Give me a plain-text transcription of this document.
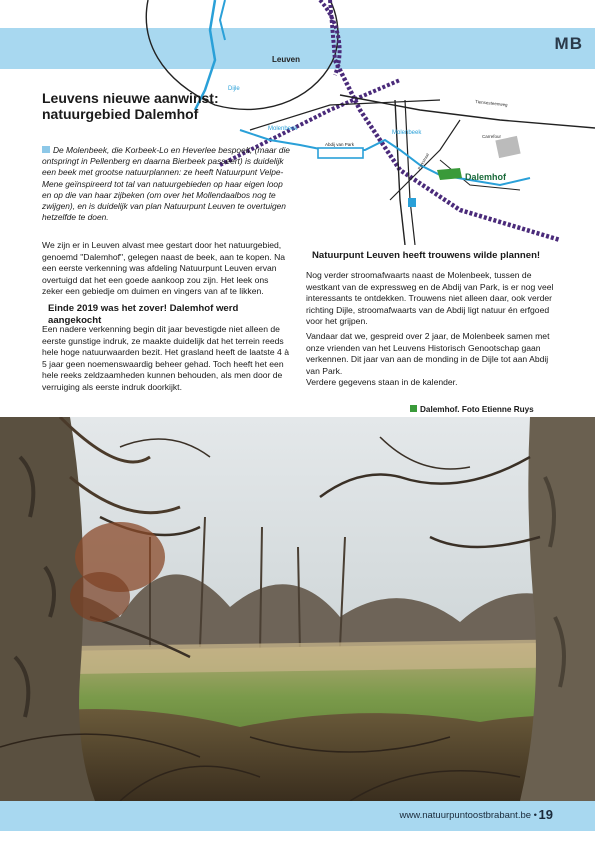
Leuven
Dijle
Molenbeek
Molenbeek
Abdij van Park
Dalemhof
Parkstraat
Tiensesteenweg
Carrefour
MB
Leuvens nieuwe aanwinst: natuurgebied Dalemhof

De Molenbeek, die Korbeek-Lo en Heverlee bespoelt, (maar die ontspringt in Pellenberg en daarna Bierbeek passeert) is duidelijk een beek met grootse natuurplannen: ze heeft Natuurpunt Velpe-Mene geïnspireerd tot tal van natuurgebieden op haar eigen loop en op die van haar zijbeken (om over het Mollendaalbos nog te zwijgen), en is duidelijk van plan Natuurpunt Leuven te overtuigen hetzelfde te doen.

We zijn er in Leuven alvast mee gestart door het natuurgebied, genoemd "Dalemhof", gelegen naast de beek, aan te kopen. Na een eerste verkenning was afdeling Natuurpunt Leuven ervan overtuigd dat het een goede aankoop zou zijn. Het leek ons zeker een gebiedje om duimen en vingers van af te likken.

Einde 2019 was het zover! Dalemhof werd aangekocht

Een nadere verkenning begin dit jaar bevestigde niet alleen de eerste gunstige indruk, ze maakte duidelijk dat het terrein reeds hele hoge natuurwaarden bezit. Het grasland heeft de laatste 4 à 5 jaar geen noemenswaardig beheer gehad. Toch heeft het een hele reeks zeldzaamheden kunnen behouden, als men door de verruiging als eerste indruk doorkijkt.

Natuurpunt Leuven heeft trouwens wilde plannen!

Nog verder stroomafwaarts naast de Molenbeek, tussen de westkant van de expressweg en de Abdij van Park, is er nog veel interessants te ontdekken. Trouwens niet alleen daar, ook verder richting Dijle, stroomafwaarts van de Abdij ligt natuur én erfgoed voor het grijpen.

Vandaar dat we, gespreid over 2 jaar, de Molenbeek samen met onze vrienden van het Leuvens Historisch Genootschap gaan verkennen. Dit jaar van aan de monding in de Dijle tot aan Abdij van Park.

Verdere gegevens staan in de kalender.

Dalemhof. Foto Etienne Ruys
www.natuurpuntoostbrabant.be • 19
